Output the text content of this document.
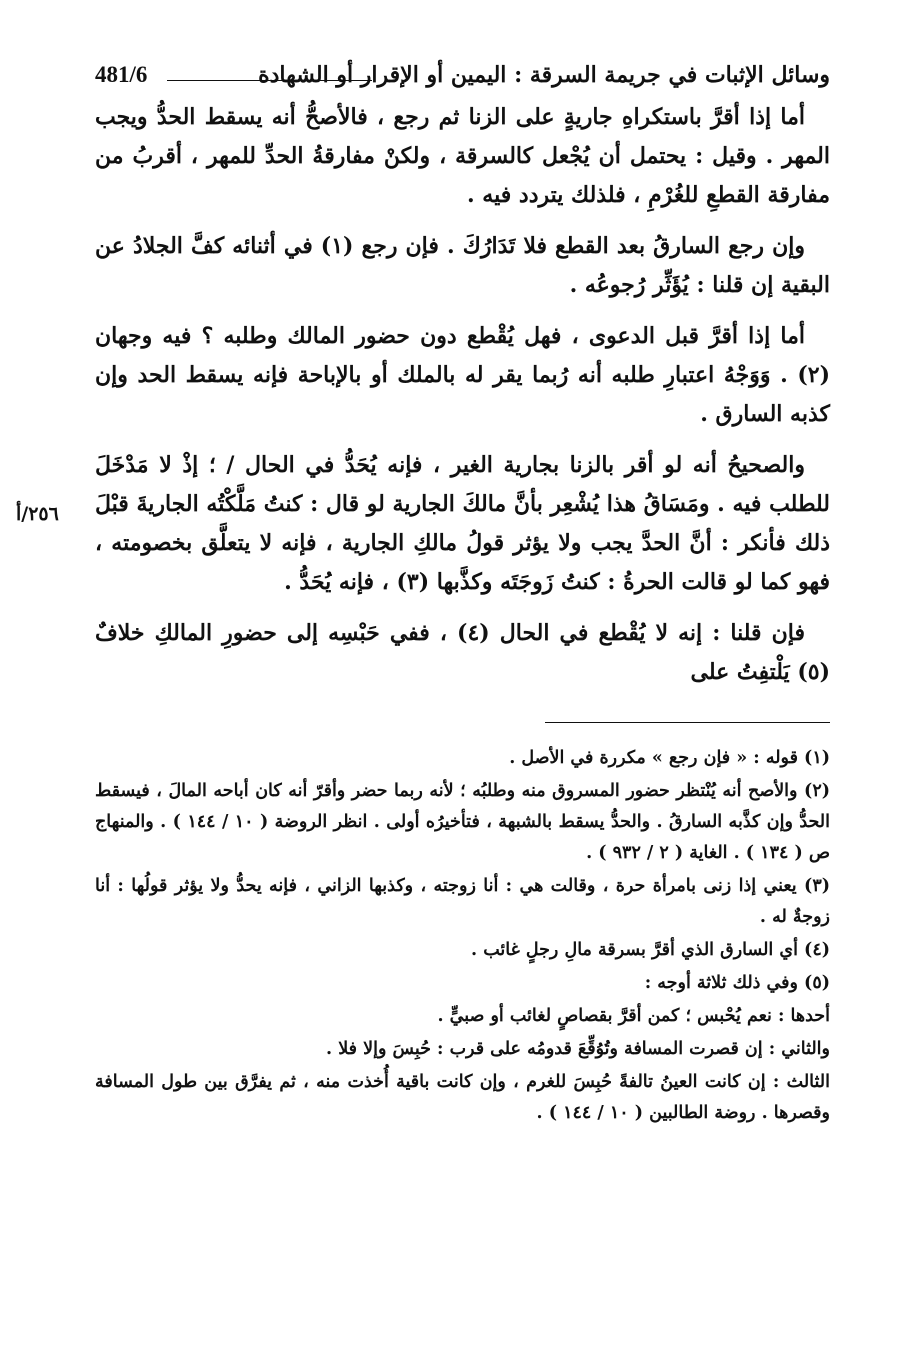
وسائل الإثبات في جريمة السرقة : اليمين أو الإقرار أو الشهادة
481/6

أما إذا أقرَّ باستكراهِ جاريةٍ على الزنا ثم رجع ، فالأصحُّ أنه يسقط الحدُّ ويجب المهر . وقيل : يحتمل أن يُجْعل كالسرقة ، ولكنْ مفارقةُ الحدِّ للمهر ، أقربُ من مفارقة القطعِ للغُرْمِ ، فلذلك يتردد فيه .

وإن رجع السارقُ بعد القطع فلا تَدَارُكَ . فإن رجع (١) في أثنائه كفَّ الجلادُ عن البقية إن قلنا : يُؤَثِّر رُجوعُه .

أما إذا أقرَّ قبل الدعوى ، فهل يُقْطع دون حضور المالك وطلبه ؟ فيه وجهان (٢) . وَوَجْهُ اعتبارِ طلبه أنه رُبما يقر له بالملك أو بالإباحة فإنه يسقط الحد وإن كذبه السارق .

والصحيحُ أنه لو أقر بالزنا بجارية الغير ، فإنه يُحَدُّ في الحال / ؛ إذْ لا مَدْخَلَ للطلب فيه . ومَسَاقُ هذا يُشْعِر بأنَّ مالكَ الجارية لو قال : كنتُ مَلَّكْتُه الجاريةَ قبْلَ ذلك فأنكر : أنَّ الحدَّ يجب ولا يؤثر قولُ مالكِ الجارية ، فإنه لا يتعلَّق بخصومته ، فهو كما لو قالت الحرةُ : كنتُ زَوجَتَه وكذَّبها (٣) ، فإنه يُحَدُّ .

فإن قلنا : إنه لا يُقْطع في الحال (٤) ، ففي حَبْسِه إلى حضورِ المالكِ خلافٌ (٥) يَلْتفِتُ على

(١) قوله : « فإن رجع » مكررة في الأصل .

(٢) والأصح أنه يُنْتظر حضور المسروق منه وطلبُه ؛ لأنه ربما حضر وأقرّ أنه كان أباحه المالَ ، فيسقط الحدُّ وإن كذَّبه السارقُ . والحدُّ يسقط بالشبهة ، فتأخيرُه أولى . انظر الروضة ( ١٠ / ١٤٤ ) . والمنهاج ص ( ١٣٤ ) . الغاية ( ٢ / ٩٣٢ ) .

(٣) يعني إذا زنى بامرأة حرة ، وقالت هي : أنا زوجته ، وكذبها الزاني ، فإنه يحدُّ ولا يؤثر قولُها : أنا زوجةٌ له .

(٤) أي السارق الذي أقرَّ بسرقة مالِ رجلٍ غائب .

(٥) وفي ذلك ثلاثة أوجه :

أحدها : نعم يُحْبس ؛ كمن أقرَّ بقصاصٍ لغائب أو صبيٍّ .

والثاني : إن قصرت المسافة وتُوُقِّعَ قدومُه على قرب : حُبِسَ وإلا فلا .

الثالث : إن كانت العينُ تالفةً حُبِسَ للغرم ، وإن كانت باقية أُخذت منه ، ثم يفرَّق بين طول المسافة وقصرها . روضة الطالبين ( ١٠ / ١٤٤ ) .

٢٥٦/أ
